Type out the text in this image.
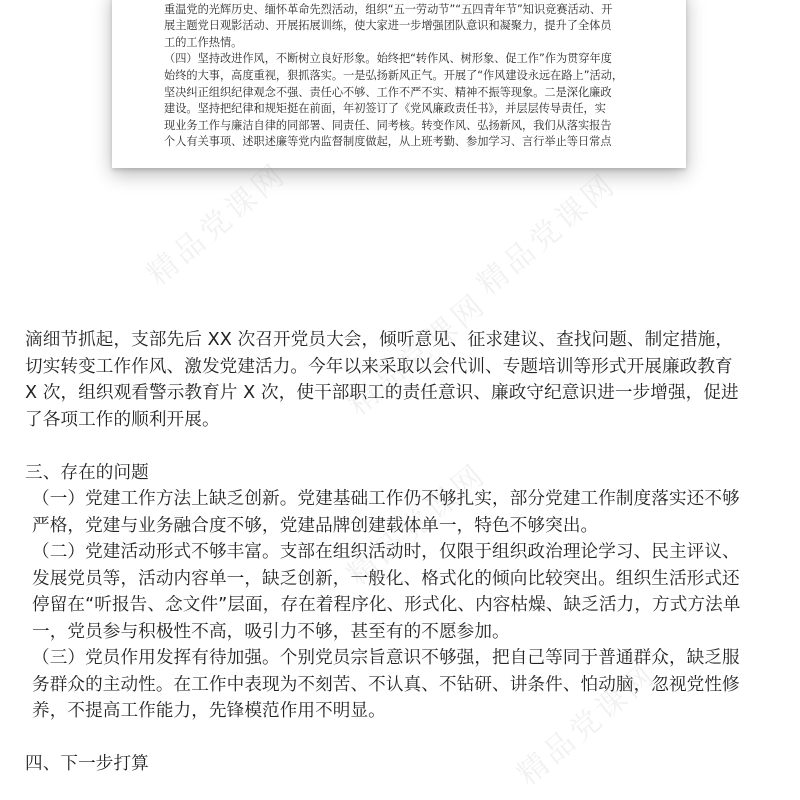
重温党的光辉历史、缅怀革命先烈活动，组织“五一劳动节”“五四青年节”知识竞赛活动、开

展主题党日观影活动、开展拓展训练，使大家进一步增强团队意识和凝聚力，提升了全体员

工的工作热情。

（四）坚持改进作风，不断树立良好形象。始终把“转作风、树形象、促工作”作为贯穿年度

始终的大事，高度重视，狠抓落实。一是弘扬新风正气。开展了“作风建设永远在路上”活动，

坚决纠正组织纪律观念不强、责任心不够、工作不严不实、精神不振等现象。二是深化廉政

建设。坚持把纪律和规矩挺在前面，年初签订了《党风廉政责任书》，并层层传导责任，实

现业务工作与廉洁自律的同部署、同责任、同考核。转变作风、弘扬新风，我们从落实报告

个人有关事项、述职述廉等党内监督制度做起，从上班考勤、参加学习、言行举止等日常点

精品党课网	精品党课网
精品党课网
精品党课网
精品党课网

滴细节抓起，支部先后 XX 次召开党员大会，倾听意见、征求建议、查找问题、制定措施，

切实转变工作作风、激发党建活力。今年以来采取以会代训、专题培训等形式开展廉政教育

X 次，组织观看警示教育片 X 次，使干部职工的责任意识、廉政守纪意识进一步增强，促进

了各项工作的顺利开展。

三、存在的问题

（一）党建工作方法上缺乏创新。党建基础工作仍不够扎实，部分党建工作制度落实还不够

严格，党建与业务融合度不够，党建品牌创建载体单一，特色不够突出。

（二）党建活动形式不够丰富。支部在组织活动时，仅限于组织政治理论学习、民主评议、

发展党员等，活动内容单一，缺乏创新，一般化、格式化的倾向比较突出。组织生活形式还

停留在“听报告、念文件”层面，存在着程序化、形式化、内容枯燥、缺乏活力，方式方法单

一，党员参与积极性不高，吸引力不够，甚至有的不愿参加。

（三）党员作用发挥有待加强。个别党员宗旨意识不够强，把自己等同于普通群众，缺乏服

务群众的主动性。在工作中表现为不刻苦、不认真、不钻研、讲条件、怕动脑，忽视党性修

养，不提高工作能力，先锋模范作用不明显。

四、下一步打算
